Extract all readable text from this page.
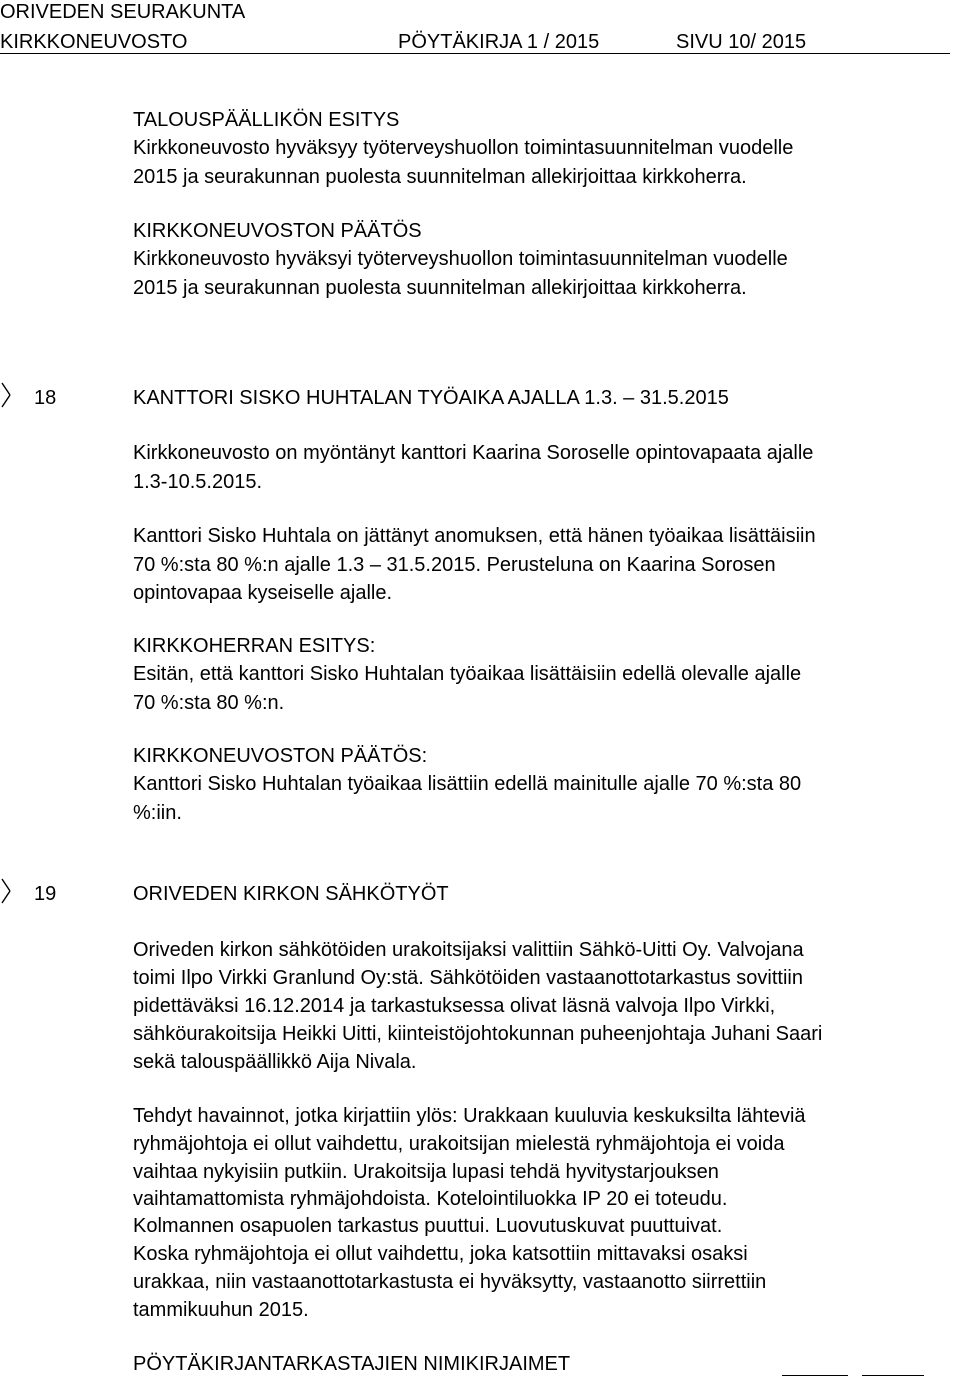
ORIVEDEN SEURAKUNTA
KIRKKONEUVOSTO	PÖYTÄKIRJA 1 / 2015	SIVU 10/ 2015
TALOUSPÄÄLLIKÖN ESITYS
Kirkkoneuvosto hyväksyy työterveyshuollon toimintasuunnitelman vuodelle
2015 ja seurakunnan puolesta suunnitelman allekirjoittaa kirkkoherra.
KIRKKONEUVOSTON PÄÄTÖS
Kirkkoneuvosto hyväksyi työterveyshuollon toimintasuunnitelman vuodelle
2015 ja seurakunnan puolesta suunnitelman allekirjoittaa kirkkoherra.
18	KANTTORI SISKO HUHTALAN TYÖAIKA AJALLA 1.3. – 31.5.2015
Kirkkoneuvosto on myöntänyt kanttori Kaarina Soroselle opintovapaata ajalle
1.3-10.5.2015.
Kanttori Sisko Huhtala on jättänyt anomuksen, että hänen työaikaa lisättäisiin
70 %:sta 80 %:n ajalle 1.3 – 31.5.2015. Perusteluna on Kaarina Sorosen
opintovapaa kyseiselle ajalle.
KIRKKOHERRAN ESITYS:
Esitän, että kanttori Sisko Huhtalan työaikaa lisättäisiin edellä olevalle ajalle
70 %:sta 80 %:n.
KIRKKONEUVOSTON PÄÄTÖS:
Kanttori Sisko Huhtalan työaikaa lisättiin edellä mainitulle ajalle 70 %:sta 80
%:iin.
19	ORIVEDEN KIRKON SÄHKÖTYÖT
Oriveden kirkon sähkötöiden urakoitsijaksi valittiin Sähkö-Uitti Oy. Valvojana
toimi Ilpo Virkki Granlund Oy:stä. Sähkötöiden vastaanottotarkastus sovittiin
pidettäväksi 16.12.2014 ja tarkastuksessa olivat läsnä valvoja Ilpo Virkki,
sähköurakoitsija Heikki Uitti, kiinteistöjohtokunnan puheenjohtaja Juhani Saari
sekä talouspäällikkö Aija Nivala.
Tehdyt havainnot, jotka kirjattiin ylös: Urakkaan kuuluvia keskuksilta lähteviä
ryhmäjohtoja ei ollut vaihdettu, urakoitsijan mielestä ryhmäjohtoja ei voida
vaihtaa nykyisiin putkiin. Urakoitsija lupasi tehdä hyvitystarjouksen
vaihtamattomista ryhmäjohdoista. Kotelointiluokka IP 20 ei toteudu.
Kolmannen osapuolen tarkastus puuttui. Luovutuskuvat puuttuivat.
Koska ryhmäjohtoja ei ollut vaihdettu, joka katsottiin mittavaksi osaksi
urakkaa, niin vastaanottotarkastusta ei hyväksytty, vastaanotto siirrettiin
tammikuuhun 2015.
PÖYTÄKIRJANTARKASTAJIEN NIMIKIRJAIMET
